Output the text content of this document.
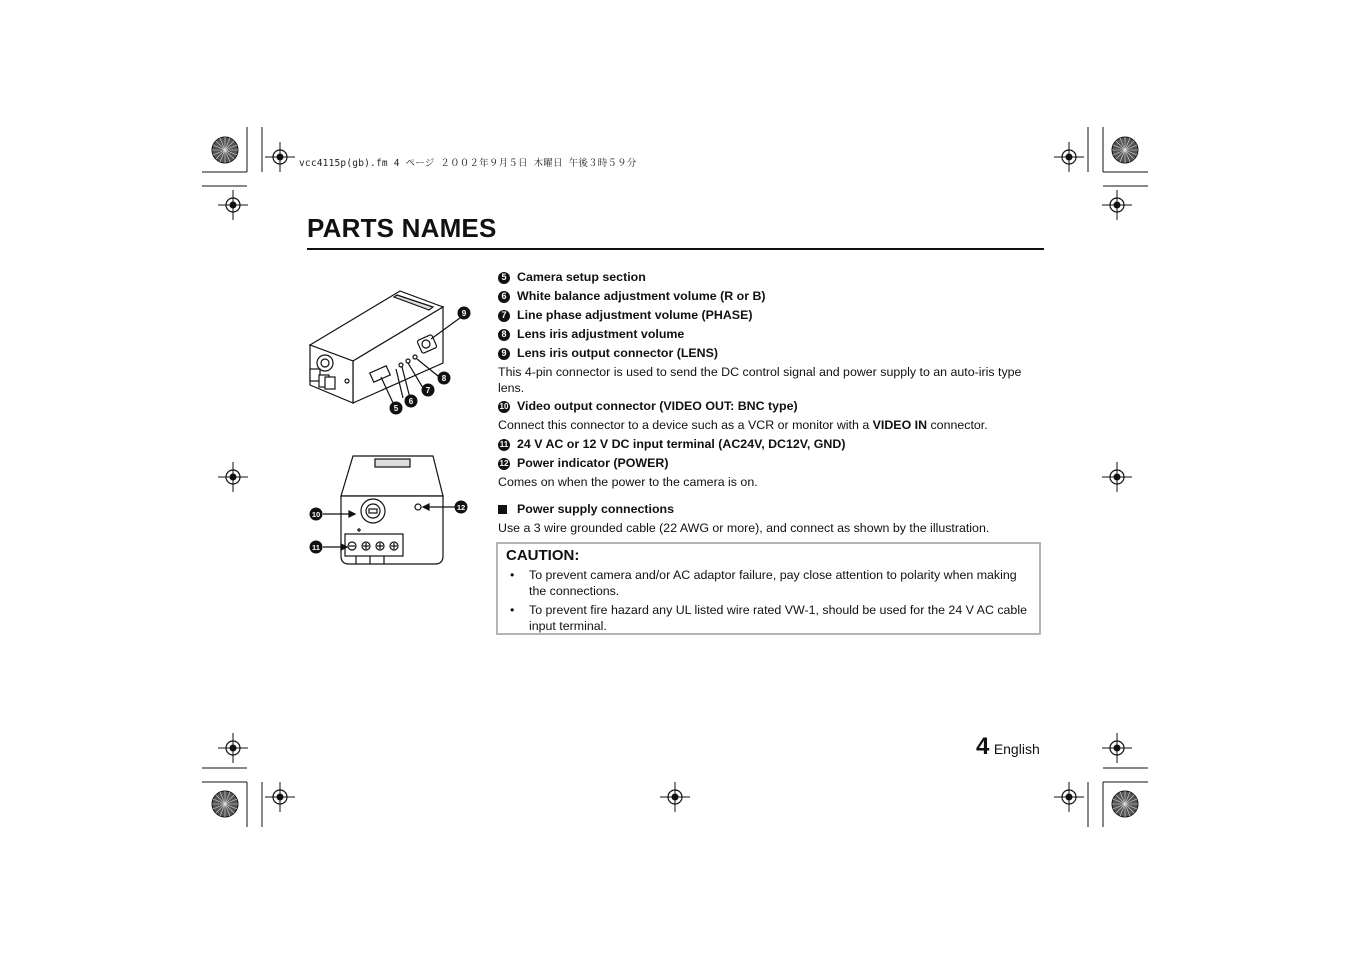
vcc4115p(gb).fm 4 ページ ２００２年９月５日 木曜日 午後３時５９分
PARTS NAMES
9
8
7
6
5
10
12
11
5 Camera setup section
6 White balance adjustment volume (R or B)
7 Line phase adjustment volume (PHASE)
8 Lens iris adjustment volume
9 Lens iris output connector (LENS)

This 4-pin connector is used to send the DC control signal and power supply to an auto-iris type lens.

10 Video output connector (VIDEO OUT: BNC type)

Connect this connector to a device such as a VCR or monitor with a VIDEO IN connector.

11 24 V AC or 12 V DC input terminal (AC24V, DC12V, GND)
12 Power indicator (POWER)

Comes on when the power to the camera is on.

Power supply connections

Use a 3 wire grounded cable (22 AWG or more), and connect as shown by the illustration.

CAUTION:

•	To prevent camera and/or AC adaptor failure, pay close attention to polarity when making the connections.
•	To prevent fire hazard any UL listed wire rated VW-1, should be used for the 24 V AC cable input terminal.
4 English
